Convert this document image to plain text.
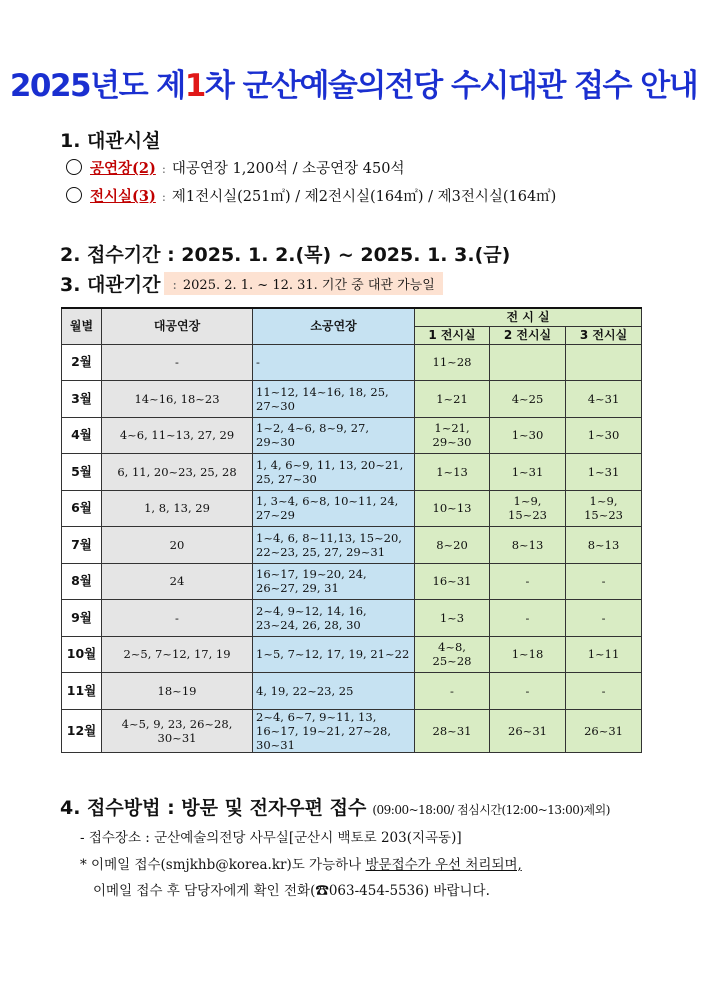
2025년도 제1차 군산예술의전당 수시대관 접수 안내
1. 대관시설
공연장(2) : 대공연장 1,200석 / 소공연장 450석
전시실(3) : 제1전시실(251㎡) / 제2전시실(164㎡) / 제3전시실(164㎡)
2. 접수기간 : 2025. 1. 2.(목) ~ 2025. 1. 3.(금)
3. 대관기간 : 2025. 2. 1. ~ 12. 31. 기간 중 대관 가능일
월별	대공연장	소공연장	전 시 실		
			1 전시실	2 전시실	3 전시실
2월	-	-	11~28		
3월	14~16, 18~23	11~12, 14~16, 18, 25, 27~30	1~21	4~25	4~31
4월	4~6, 11~13, 27, 29	1~2, 4~6, 8~9, 27, 29~30	1~21, 29~30	1~30	1~30
5월	6, 11, 20~23, 25, 28	1, 4, 6~9, 11, 13, 20~21, 25, 27~30	1~13	1~31	1~31
6월	1, 8, 13, 29	1, 3~4, 6~8, 10~11, 24, 27~29	10~13	1~9, 15~23	1~9, 15~23
7월	20	1~4, 6, 8~11,13, 15~20, 22~23, 25, 27, 29~31	8~20	8~13	8~13
8월	24	16~17, 19~20, 24, 26~27, 29, 31	16~31	-	-
9월	-	2~4, 9~12, 14, 16, 23~24, 26, 28, 30	1~3	-	-
10월	2~5, 7~12, 17, 19	1~5, 7~12, 17, 19, 21~22	4~8, 25~28	1~18	1~11
11월	18~19	4, 19, 22~23, 25	-	-	-
12월	4~5, 9, 23, 26~28, 30~31	2~4, 6~7, 9~11, 13, 16~17, 19~21, 27~28, 30~31	28~31	26~31	26~31
4. 접수방법 : 방문 및 전자우편 접수 (09:00~18:00/ 점심시간(12:00~13:00)제외)
- 접수장소 : 군산예술의전당 사무실[군산시 백토로 203(지곡동)]
* 이메일 접수(smjkhb@korea.kr)도 가능하나 방문접수가 우선 처리되며,
이메일 접수 후 담당자에게 확인 전화(☎063-454-5536) 바랍니다.
